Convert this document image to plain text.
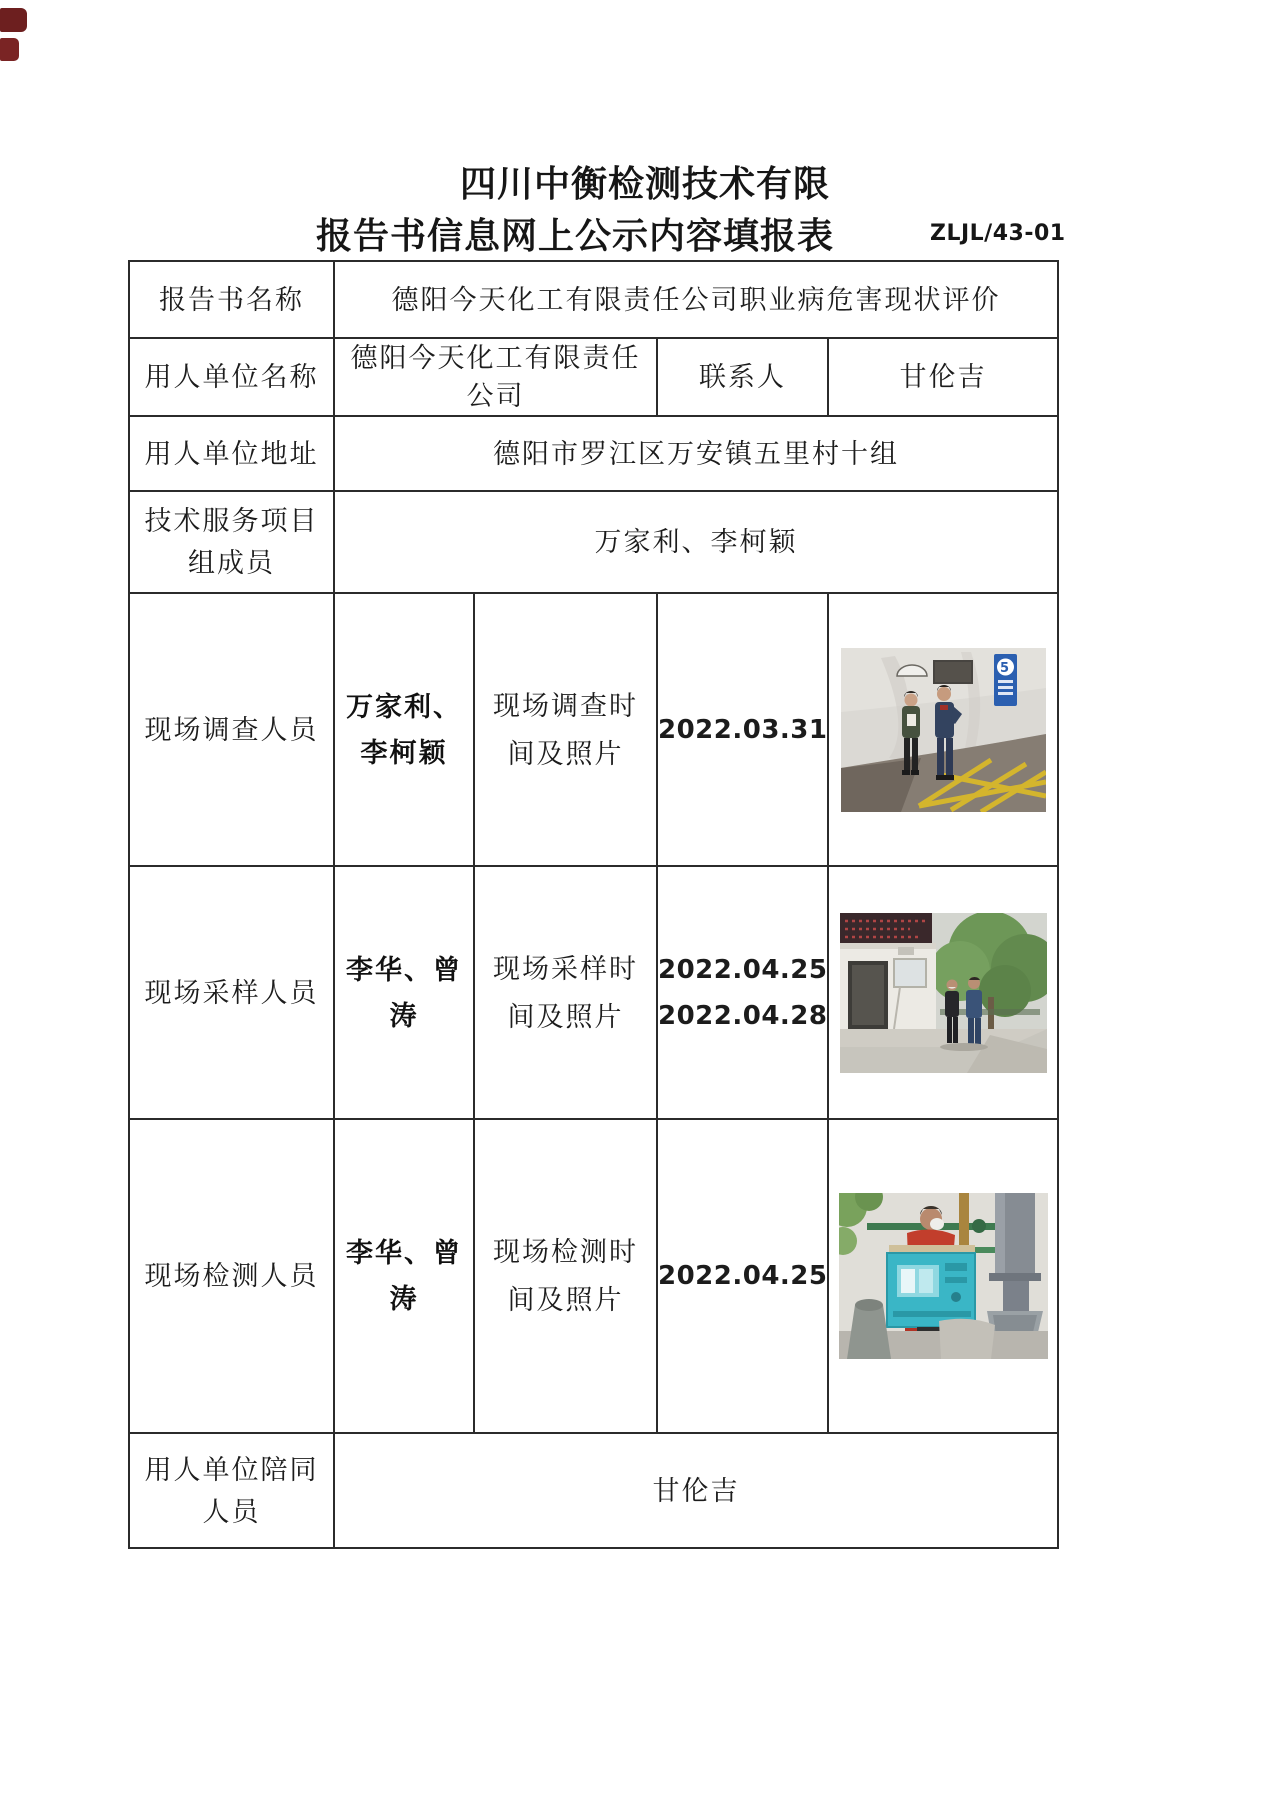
四川中衡检测技术有限
报告书信息网上公示内容填报表	ZLJL/43-01
报告书名称	德阳今天化工有限责任公司职业病危害现状评价			
用人单位名称	德阳今天化工有限责任公司		联系人	甘伦吉
用人单位地址	德阳市罗江区万安镇五里村十组			
技术服务项目组成员	万家利、李柯颖			
现场调查人员	万家利、李柯颖	现场调查时间及照片	2022.03.31	5

现场采样人员	李华、曾涛	现场采样时间及照片	2022.04.25
2022.04.28

现场检测人员	李华、曾涛	现场检测时间及照片	2022.04.25	

用人单位陪同人员	甘伦吉			
